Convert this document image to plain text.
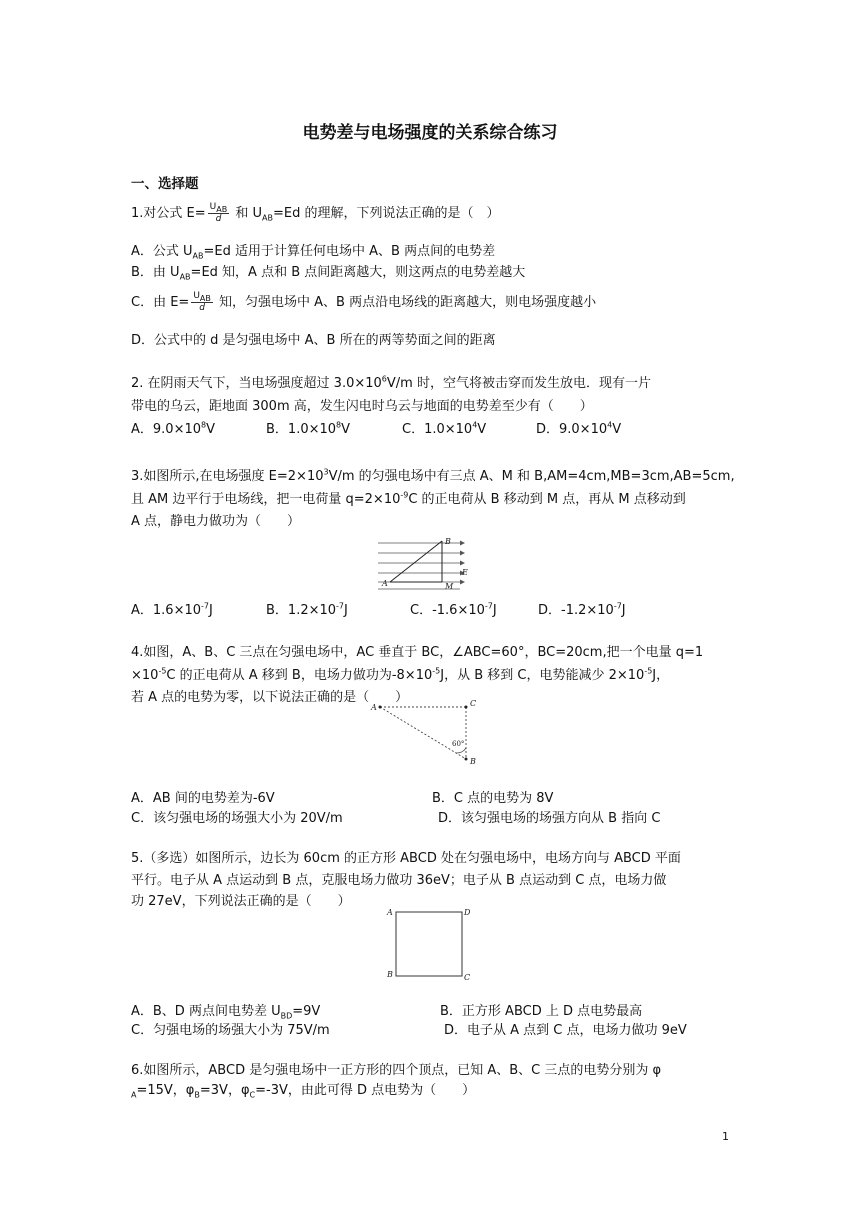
电势差与电场强度的关系综合练习
一、选择题
1.对公式 $E= \frac{U_{AB}}{d}$ 和 $U_{AB}=Ed$ 的理解，下列说法正确的是（　）
A．公式 $U_{AB}=Ed$ 适用于计算任何电场中 A、B 两点间的电势差
B．由 $U_{AB}=Ed$ 知，A 点和 B 点间距离越大，则这两点的电势差越大
C．由 $E= \frac{U_{AB}}{d}$ 知，匀强电场中 A、B 两点沿电场线的距离越大，则电场强度越小
D．公式中的 d 是匀强电场中 A、B 所在的两等势面之间的距离
2. 在阴雨天气下，当电场强度超过 $3.0\times 10^6V/m$ 时，空气将被击穿而发生放电．现有一片
带电的乌云，距地面 300m 高，发生闪电时乌云与地面的电势差至少有（　　）
A．$9.0\times 10^8V$	B．$1.0\times 10^8V$	C．$1.0\times 10^4V$	D．$9.0\times 10^4V$
3.如图所示,在电场强度 $E=2\times 10^3V/m$ 的匀强电场中有三点 A、M 和 B,AM=4cm,MB=3cm,AB=5cm,
且 AM 边平行于电场线，把一电荷量 $q=2\times 10^{-9}C$ 的正电荷从 B 移动到 M 点，再从 M 点移动到
A 点，静电力做功为（　　）
A
B
M
E
A．$1.6\times 10^{-7}J$	B．$1.2\times 10^{-7}J$	C．$-1.6\times 10^{-7}J$	D．$-1.2\times 10^{-7}J$
4.如图，A、B、C 三点在匀强电场中，AC 垂直于 BC，∠ABC=60°，BC=20cm,把一个电量 q=1
$\times 10^{-5}C$ 的正电荷从 A 移到 B，电场力做功为$-8\times 10^{-5}J$，从 B 移到 C，电势能减少 $2\times 10^{-5}J$，
若 A 点的电势为零，以下说法正确的是（　　）
A	C
B
60°
A．AB 间的电势差为-6V	B．C 点的电势为 8V
C．该匀强电场的场强大小为 20V/m	D．该匀强电场的场强方向从 B 指向 C
5.（多选）如图所示，边长为 60cm 的正方形 ABCD 处在匀强电场中，电场方向与 ABCD 平面
平行。电子从 A 点运动到 B 点，克服电场力做功 36eV；电子从 B 点运动到 C 点，电场力做
功 27eV，下列说法正确的是（　　）
A	D
B	C
A．B、D 两点间电势差 $U_{BD}=9V$	B．正方形 ABCD 上 D 点电势最高
C．匀强电场的场强大小为 75V/m	D．电子从 A 点到 C 点，电场力做功 9eV
6.如图所示，ABCD 是匀强电场中一正方形的四个顶点，已知 A、B、C 三点的电势分别为 φ
$_A$=15V，$\varphi_B=3V$，$\varphi_C=-3V$，由此可得 D 点电势为（　　）
1
